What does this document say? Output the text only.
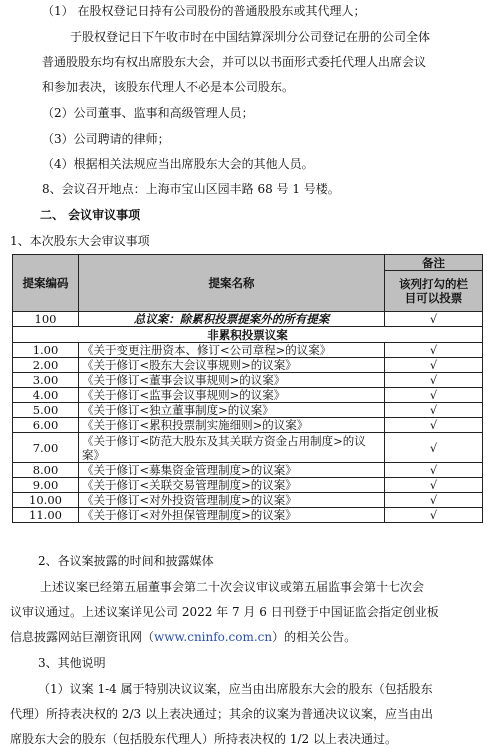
（1） 在股权登记日持有公司股份的普通股股东或其代理人；
于股权登记日下午收市时在中国结算深圳分公司登记在册的公司全体
普通股股东均有权出席股东大会，并可以以书面形式委托代理人出席会议
和参加表决，该股东代理人不必是本公司股东。
（2）公司董事、监事和高级管理人员；
（3）公司聘请的律师；
（4）根据相关法规应当出席股东大会的其他人员。
8、会议召开地点：上海市宝山区园丰路 68 号 1 号楼。
二、 会议审议事项
1、本次股东大会审议事项
提案编码	提案名称	备注
		该列打勾的栏
目可以投票
100	总议案：除累积投票提案外的所有提案	√
非累积投票议案		
1.00	《关于变更注册资本、修订<公司章程>的议案》	√
2.00	《关于修订<股东大会议事规则>的议案》	√
3.00	《关于修订<董事会议事规则>的议案》	√
4.00	《关于修订<监事会议事规则>的议案》	√
5.00	《关于修订<独立董事制度>的议案》	√
6.00	《关于修订<累积投票制实施细则>的议案》	√
7.00	《关于修订<防范大股东及其关联方资金占用制度>的议案》	√
8.00	《关于修订<募集资金管理制度>的议案》	√
9.00	《关于修订<关联交易管理制度>的议案》	√
10.00	《关于修订<对外投资管理制度>的议案》	√
11.00	《关于修订<对外担保管理制度>的议案》	√
2、各议案披露的时间和披露媒体
上述议案已经第五届董事会第二十次会议审议或第五届监事会第十七次会
议审议通过。上述议案详见公司 2022 年 7 月 6 日刊登于中国证监会指定创业板
信息披露网站巨潮资讯网（www.cninfo.com.cn）的相关公告。
3、其他说明
（1）议案 1-4 属于特别决议议案，应当由出席股东大会的股东（包括股东
代理）所持表决权的 2/3 以上表决通过；其余的议案为普通决议议案，应当由出
席股东大会的股东（包括股东代理人）所持表决权的 1/2 以上表决通过。
